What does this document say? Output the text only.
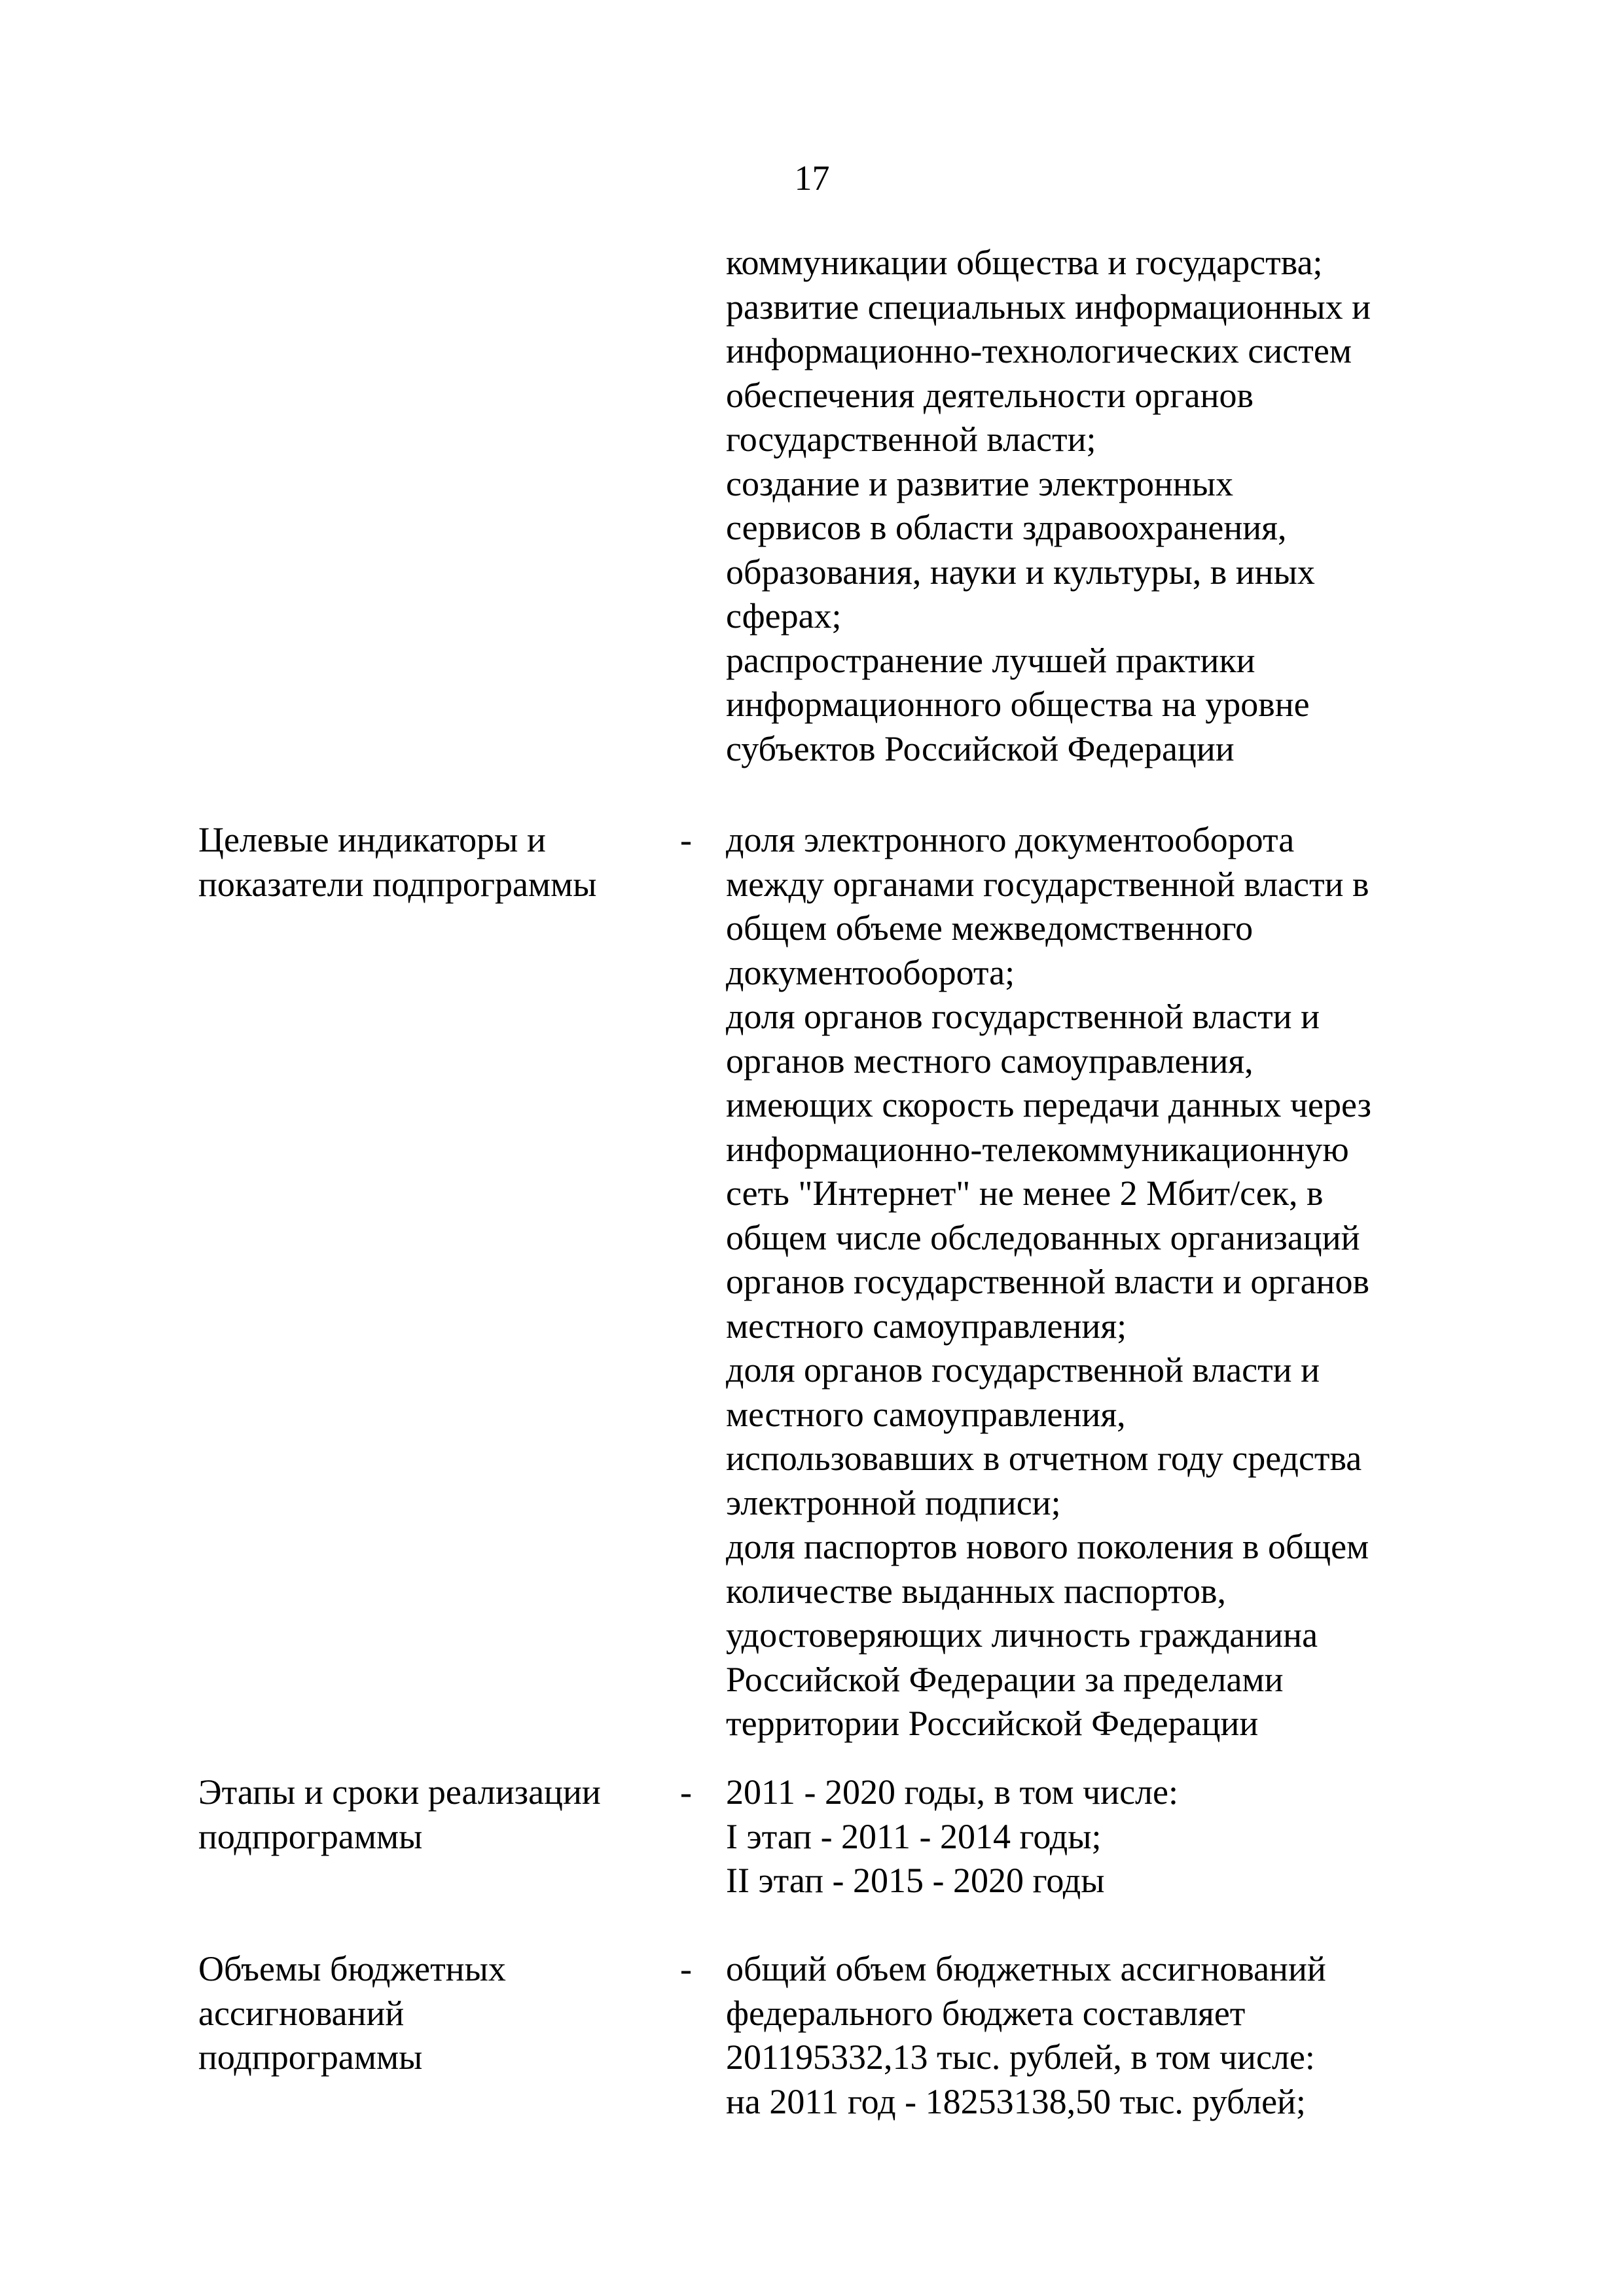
17
коммуникации общества и государства;
развитие специальных информационных и
информационно-технологических систем
обеспечения деятельности органов
государственной власти;
создание и развитие электронных
сервисов в области здравоохранения,
образования, науки и культуры, в иных
сферах;
распространение лучшей практики
информационного общества на уровне
субъектов Российской Федерации
Целевые индикаторы и
показатели подпрограммы
- доля электронного документооборота
между органами государственной власти в
общем объеме межведомственного
документооборота;
доля органов государственной власти и
органов местного самоуправления,
имеющих скорость передачи данных через
информационно-телекоммуникационную
сеть "Интернет" не менее 2 Мбит/сек, в
общем числе обследованных организаций
органов государственной власти и органов
местного самоуправления;
доля органов государственной власти и
местного самоуправления,
использовавших в отчетном году средства
электронной подписи;
доля паспортов нового поколения в общем
количестве выданных паспортов,
удостоверяющих личность гражданина
Российской Федерации за пределами
территории Российской Федерации
Этапы и сроки реализации
подпрограммы
- 2011 - 2020 годы, в том числе:
I этап - 2011 - 2014 годы;
II этап - 2015 - 2020 годы
Объемы бюджетных
ассигнований
подпрограммы
- общий объем бюджетных ассигнований
федерального бюджета составляет
201195332,13 тыс. рублей, в том числе:
на 2011 год - 18253138,50 тыс. рублей;
